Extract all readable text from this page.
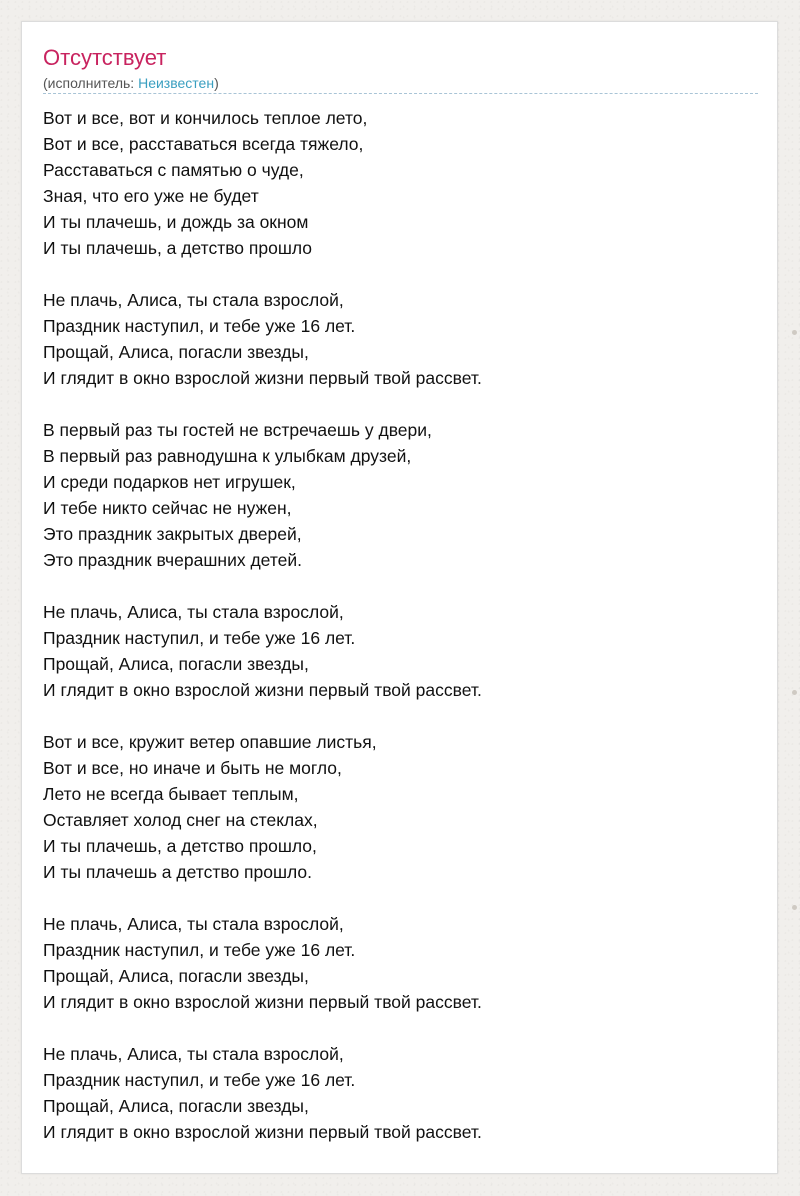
Отсутствует
(исполнитель: Неизвестен)
Вот и все, вот и кончилось теплое лето,
Вот и все, расставаться всегда тяжело,
Расставаться с памятью о чуде,
Зная, что его уже не будет
И ты плачешь, и дождь за окном
И ты плачешь, а детство прошло
Не плачь, Алиса, ты стала взрослой,
Праздник наступил, и тебе уже 16 лет.
Прощай, Алиса, погасли звезды,
И глядит в окно взрослой жизни первый твой рассвет.
В первый раз ты гостей не встречаешь у двери,
В первый раз равнодушна к улыбкам друзей,
И среди подарков нет игрушек,
И тебе никто сейчас не нужен,
Это праздник закрытых дверей,
Это праздник вчерашних детей.
Не плачь, Алиса, ты стала взрослой,
Праздник наступил, и тебе уже 16 лет.
Прощай, Алиса, погасли звезды,
И глядит в окно взрослой жизни первый твой рассвет.
Вот и все, кружит ветер опавшие листья,
Вот и все, но иначе и быть не могло,
Лето не всегда бывает теплым,
Оставляет холод снег на стеклах,
И ты плачешь, а детство прошло,
И ты плачешь а детство прошло.
Не плачь, Алиса, ты стала взрослой,
Праздник наступил, и тебе уже 16 лет.
Прощай, Алиса, погасли звезды,
И глядит в окно взрослой жизни первый твой рассвет.
Не плачь, Алиса, ты стала взрослой,
Праздник наступил, и тебе уже 16 лет.
Прощай, Алиса, погасли звезды,
И глядит в окно взрослой жизни первый твой рассвет.
